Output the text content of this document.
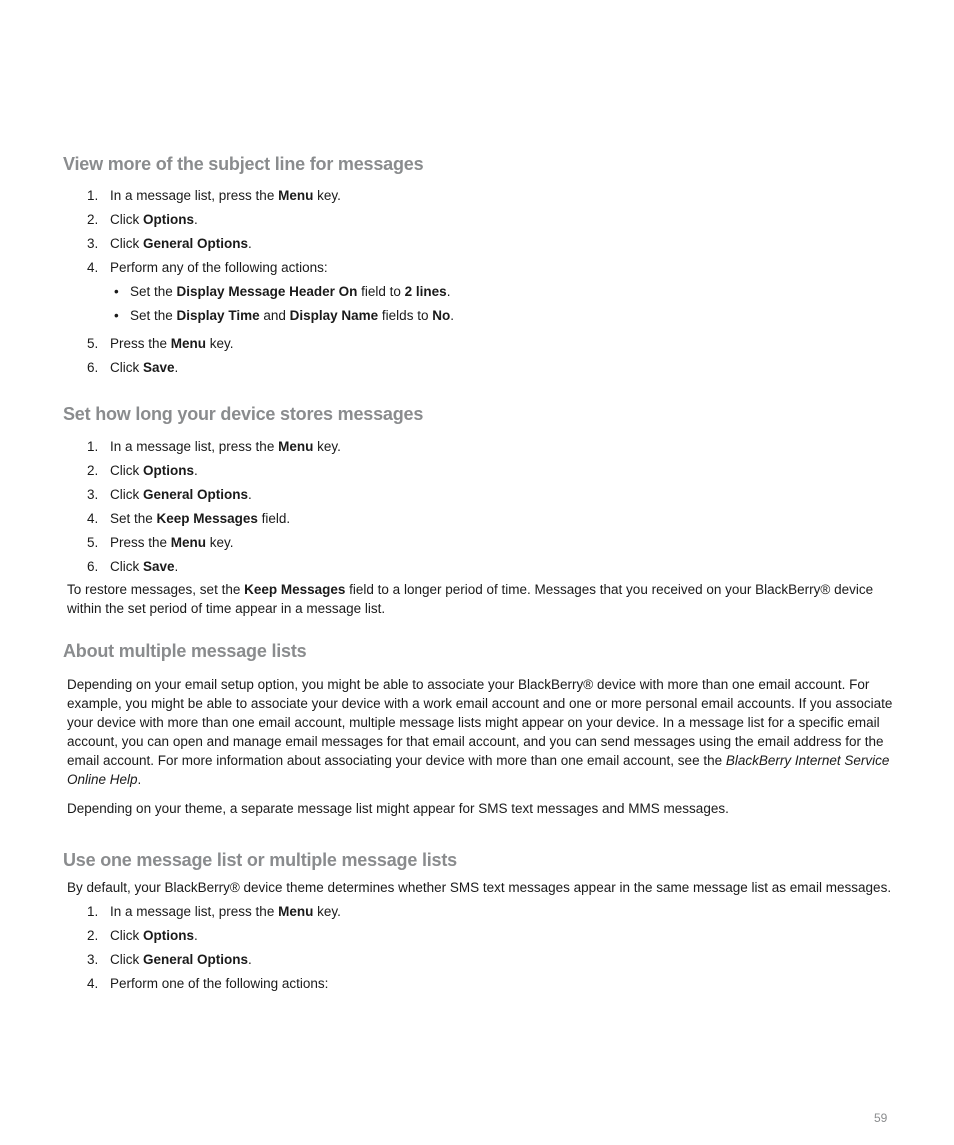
View more of the subject line for messages
1. In a message list, press the Menu key.
2. Click Options.
3. Click General Options.
4. Perform any of the following actions:
• Set the Display Message Header On field to 2 lines.
• Set the Display Time and Display Name fields to No.
5. Press the Menu key.
6. Click Save.
Set how long your device stores messages
1. In a message list, press the Menu key.
2. Click Options.
3. Click General Options.
4. Set the Keep Messages field.
5. Press the Menu key.
6. Click Save.

To restore messages, set the Keep Messages field to a longer period of time. Messages that you received on your BlackBerry® device within the set period of time appear in a message list.

About multiple message lists

Depending on your email setup option, you might be able to associate your BlackBerry® device with more than one email account. For example, you might be able to associate your device with a work email account and one or more personal email accounts. If you associate your device with more than one email account, multiple message lists might appear on your device. In a message list for a specific email account, you can open and manage email messages for that email account, and you can send messages using the email address for the email account. For more information about associating your device with more than one email account, see the BlackBerry Internet Service Online Help.

Depending on your theme, a separate message list might appear for SMS text messages and MMS messages.

Use one message list or multiple message lists

By default, your BlackBerry® device theme determines whether SMS text messages appear in the same message list as email messages.

1. In a message list, press the Menu key.
2. Click Options.
3. Click General Options.
4. Perform one of the following actions:
59
